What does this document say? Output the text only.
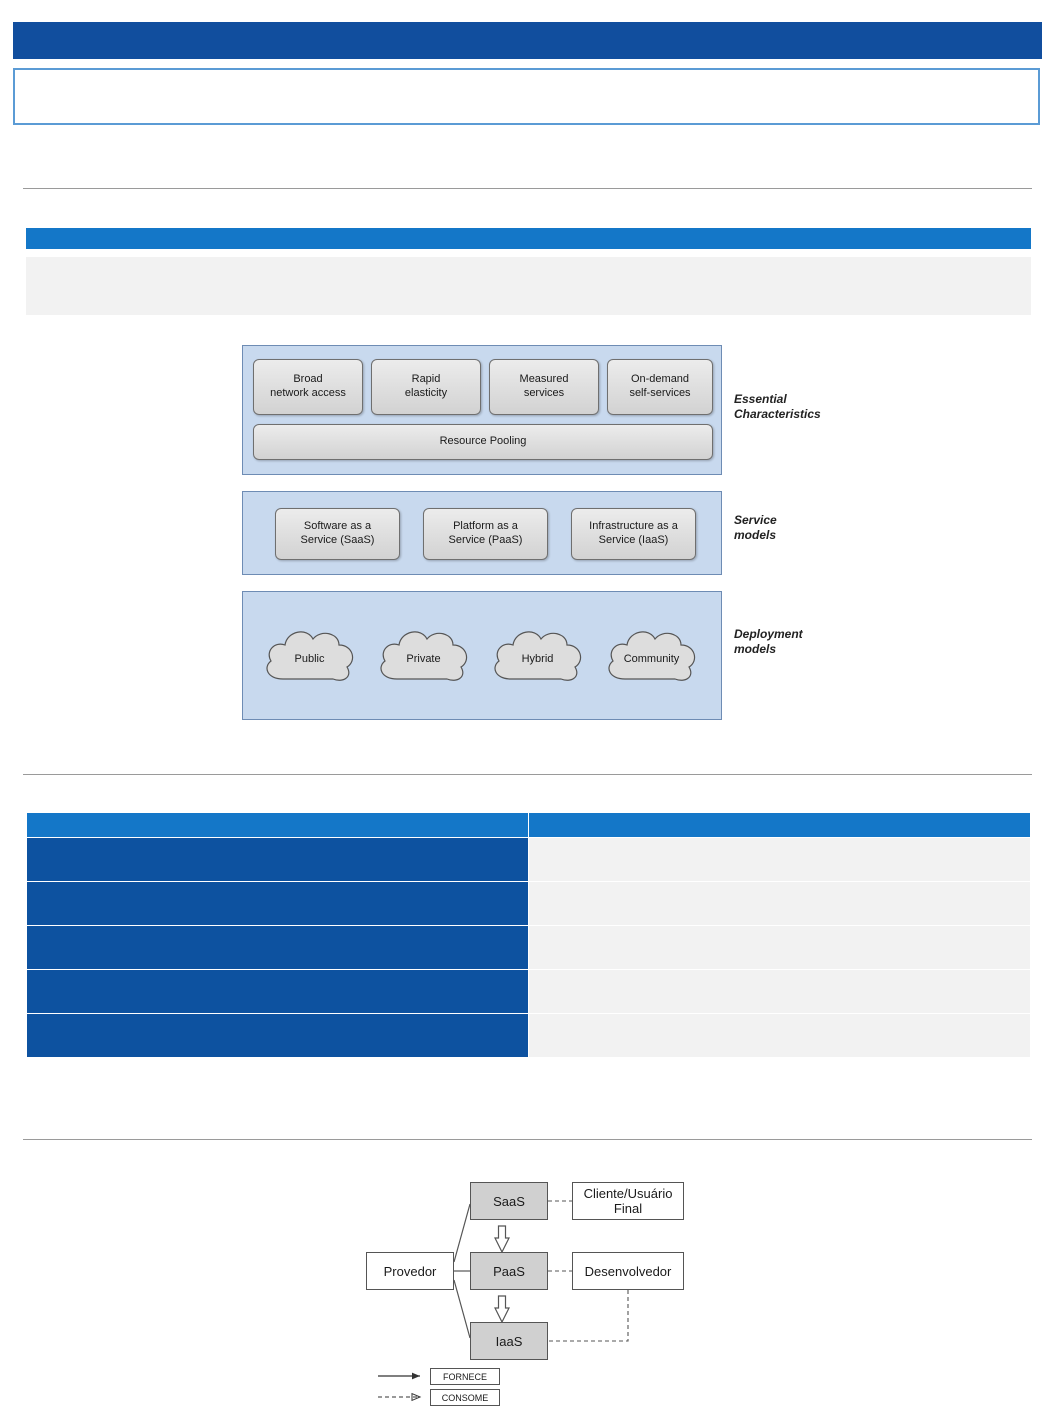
Broad
network access
Rapid
elasticity
Measured
services
On-demand
self-services
Resource Pooling
Software as a
Service (SaaS)
Platform as a
Service (PaaS)
Infrastructure as a
Service (IaaS)
Public	Private	Hybrid	Community
Essential
Characteristics
Service
models
Deployment
models

SaaS
PaaS
IaaS
Provedor
Cliente/Usuário
Final
Desenvolvedor
FORNECE
CONSOME
